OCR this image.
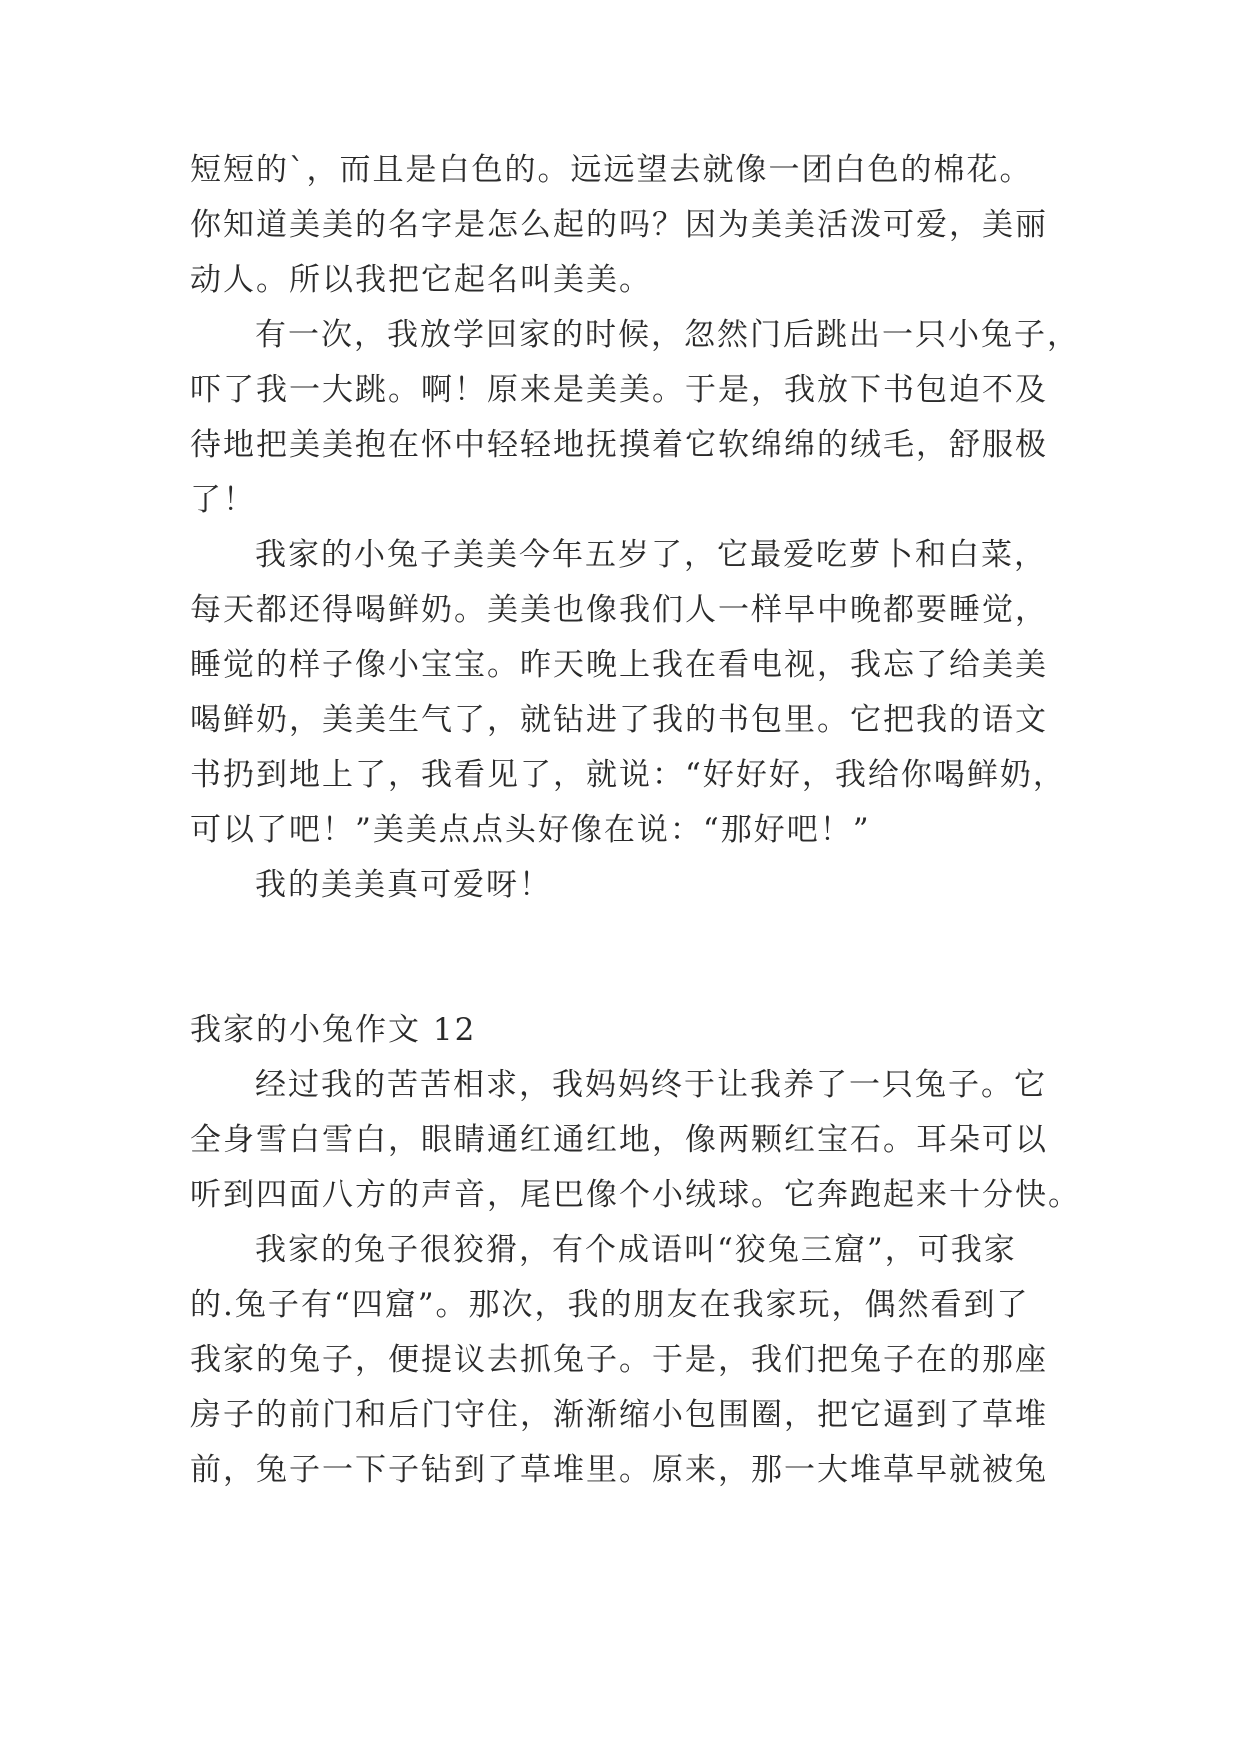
短短的`，而且是白色的。远远望去就像一团白色的棉花。
你知道美美的名字是怎么起的吗？因为美美活泼可爱，美丽
动人。所以我把它起名叫美美。
有一次，我放学回家的时候，忽然门后跳出一只小兔子，
吓了我一大跳。啊！原来是美美。于是，我放下书包迫不及
待地把美美抱在怀中轻轻地抚摸着它软绵绵的绒毛，舒服极
了！
我家的小兔子美美今年五岁了，它最爱吃萝卜和白菜，
每天都还得喝鲜奶。美美也像我们人一样早中晚都要睡觉，
睡觉的样子像小宝宝。昨天晚上我在看电视，我忘了给美美
喝鲜奶，美美生气了，就钻进了我的书包里。它把我的语文
书扔到地上了，我看见了，就说：“好好好，我给你喝鲜奶，
可以了吧！”美美点点头好像在说：“那好吧！”
我的美美真可爱呀！
我家的小兔作文 12
经过我的苦苦相求，我妈妈终于让我养了一只兔子。它
全身雪白雪白，眼睛通红通红地，像两颗红宝石。耳朵可以
听到四面八方的声音，尾巴像个小绒球。它奔跑起来十分快。
我家的兔子很狡猾，有个成语叫“狡兔三窟”，可我家
的.兔子有“四窟”。那次，我的朋友在我家玩，偶然看到了
我家的兔子，便提议去抓兔子。于是，我们把兔子在的那座
房子的前门和后门守住，渐渐缩小包围圈，把它逼到了草堆
前，兔子一下子钻到了草堆里。原来，那一大堆草早就被兔
